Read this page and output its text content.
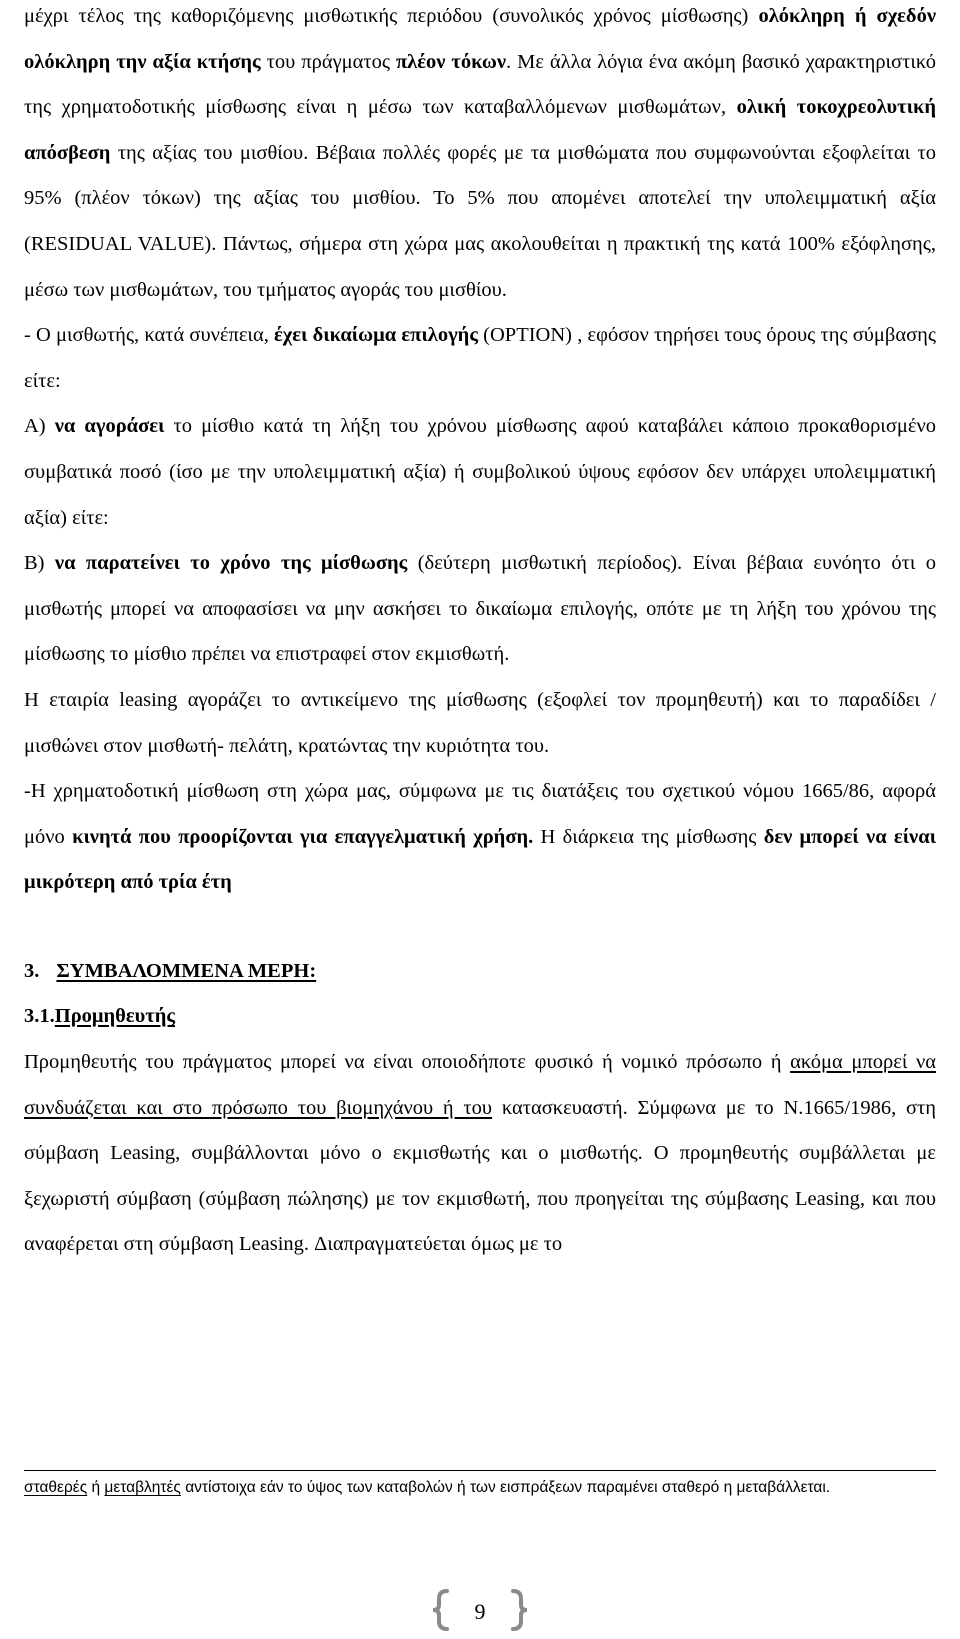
μέχρι τέλος της καθοριζόμενης μισθωτικής περιόδου (συνολικός χρόνος μίσθωσης) ολόκληρη ή σχεδόν ολόκληρη την αξία κτήσης του πράγματος πλέον τόκων. Με άλλα λόγια ένα ακόμη βασικό χαρακτηριστικό της χρηματοδοτικής μίσθωσης είναι η μέσω των καταβαλλόμενων μισθωμάτων, ολική τοκοχρεολυτική απόσβεση της αξίας του μισθίου. Βέβαια πολλές φορές με τα μισθώματα που συμφωνούνται εξοφλείται το 95% (πλέον τόκων) της αξίας του μισθίου. Το 5% που απομένει αποτελεί την υπολειμματική αξία (RESIDUAL VALUE). Πάντως, σήμερα στη χώρα μας ακολουθείται η πρακτική της κατά 100% εξόφλησης, μέσω των μισθωμάτων, του τμήματος αγοράς του μισθίου.

- Ο μισθωτής, κατά συνέπεια, έχει δικαίωμα επιλογής (OPTION) , εφόσον τηρήσει τους όρους της σύμβασης είτε:

Α) να αγοράσει το μίσθιο κατά τη λήξη του χρόνου μίσθωσης αφού καταβάλει κάποιο προκαθορισμένο συμβατικά ποσό (ίσο με την υπολειμματική αξία) ή συμβολικού ύψους εφόσον δεν υπάρχει υπολειμματική αξία) είτε:

Β) να παρατείνει το χρόνο της μίσθωσης (δεύτερη μισθωτική περίοδος). Είναι βέβαια ευνόητο ότι ο μισθωτής μπορεί να αποφασίσει να μην ασκήσει το δικαίωμα επιλογής, οπότε με τη λήξη του χρόνου της μίσθωσης το μίσθιο πρέπει να επιστραφεί στον εκμισθωτή.

Η εταιρία leasing αγοράζει το αντικείμενο της μίσθωσης (εξοφλεί τον προμηθευτή) και το παραδίδει / μισθώνει στον μισθωτή- πελάτη, κρατώντας την κυριότητα του.

-Η χρηματοδοτική μίσθωση στη χώρα μας, σύμφωνα με τις διατάξεις του σχετικού νόμου 1665/86, αφορά μόνο κινητά που προορίζονται για επαγγελματική χρήση. Η διάρκεια της μίσθωσης δεν μπορεί να είναι μικρότερη από τρία έτη

3. ΣΥΜΒΑΛΟΜΜΕΝΑ ΜΕΡΗ:

3.1.Προμηθευτής

Προμηθευτής του πράγματος μπορεί να είναι οποιοδήποτε φυσικό ή νομικό πρόσωπο ή ακόμα μπορεί να συνδυάζεται και στο πρόσωπο του βιομηχάνου ή του κατασκευαστή. Σύμφωνα με το Ν.1665/1986, στη σύμβαση Leasing, συμβάλλονται μόνο ο εκμισθωτής και ο μισθωτής. Ο προμηθευτής συμβάλλεται με ξεχωριστή σύμβαση (σύμβαση πώλησης) με τον εκμισθωτή, που προηγείται της σύμβασης Leasing, και που αναφέρεται στη σύμβαση Leasing. Διαπραγματεύεται όμως με το

σταθερές ή μεταβλητές αντίστοιχα εάν το ύψος των καταβολών ή των εισπράξεων παραμένει σταθερό η μεταβάλλεται.
9
